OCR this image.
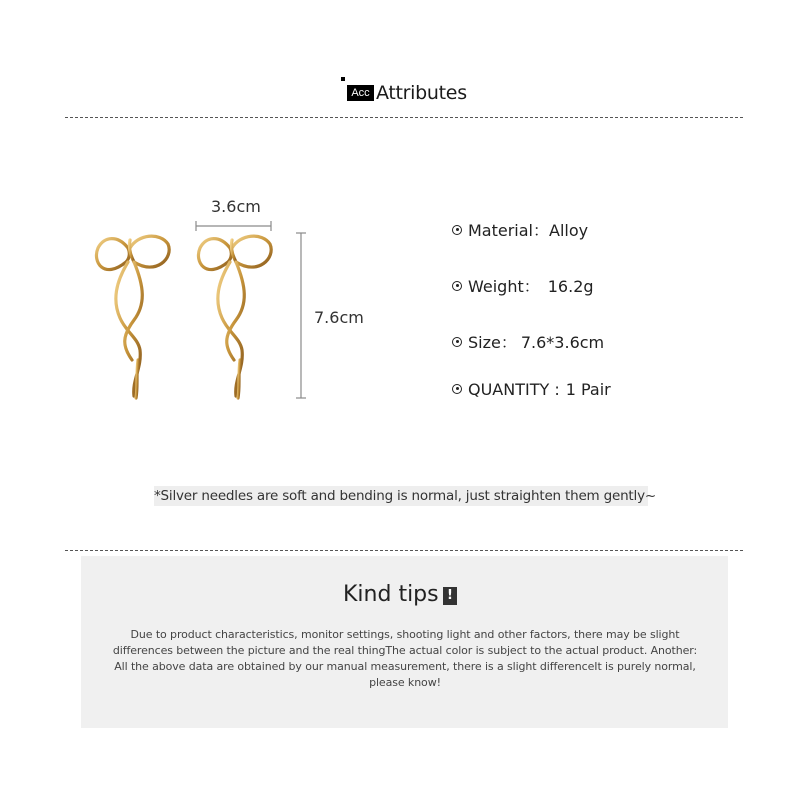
Acc Attributes
3.6cm
7.6cm
Material：Alloy
Weight： 16.2g
Size： 7.6*3.6cm
QUANTITY : 1 Pair
*Silver needles are soft and bending is normal, just straighten them gently~
Kind tips !
Due to product characteristics, monitor settings, shooting light and other factors, there may be slight differences between the picture and the real thingThe actual color is subject to the actual product. Another: All the above data are obtained by our manual measurement, there is a slight differenceIt is purely normal, please know!
